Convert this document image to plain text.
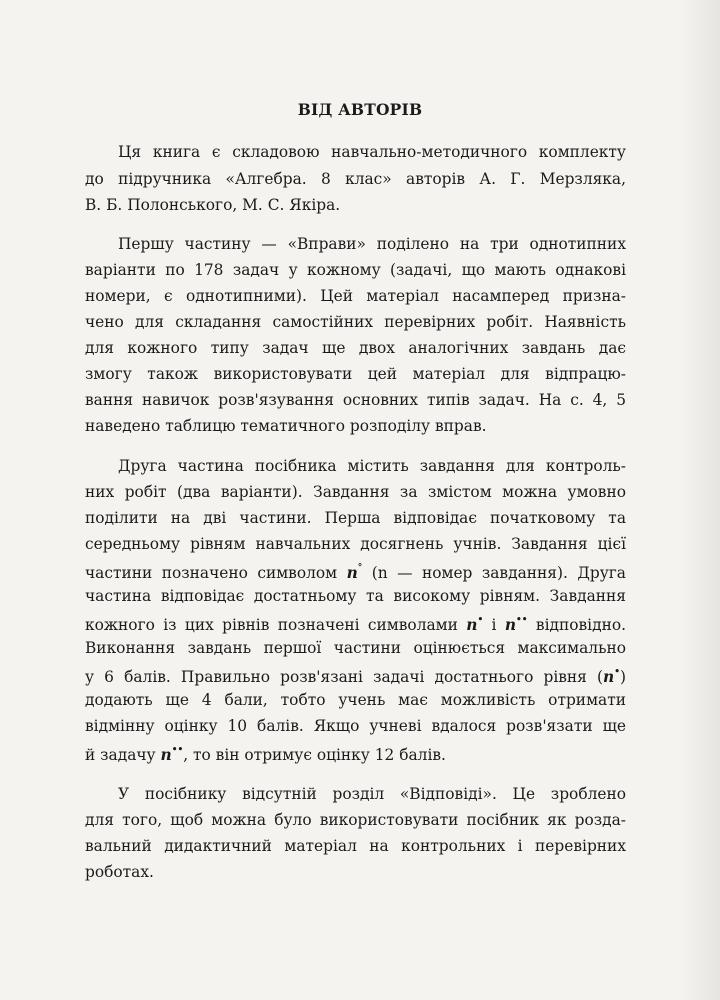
ВІД АВТОРІВ
Ця книга є складовою навчально-методичного комплекту
до підручника «Алгебра. 8 клас» авторів А. Г. Мерзляка,
В. Б. Полонського, М. С. Якіра.
Першу частину — «Вправи» поділено на три однотипних
варіанти по 178 задач у кожному (задачі, що мають однакові
номери, є однотипними). Цей матеріал насамперед призна-
чено для складання самостійних перевірних робіт. Наявність
для кожного типу задач ще двох аналогічних завдань дає
змогу також використовувати цей матеріал для відпрацю-
вання навичок розв'язування основних типів задач. На с. 4, 5
наведено таблицю тематичного розподілу вправ.
Друга частина посібника містить завдання для контроль-
них робіт (два варіанти). Завдання за змістом можна умовно
поділити на дві частини. Перша відповідає початковому та
середньому рівням навчальних досягнень учнів. Завдання цієї
частини позначено символом n° (n — номер завдання). Друга
частина відповідає достатньому та високому рівням. Завдання
кожного із цих рівнів позначені символами n• і n•• відповідно.
Виконання завдань першої частини оцінюється максимально
у 6 балів. Правильно розв'язані задачі достатнього рівня (n•)
додають ще 4 бали, тобто учень має можливість отримати
відмінну оцінку 10 балів. Якщо учневі вдалося розв'язати ще
й задачу n••, то він отримує оцінку 12 балів.
У посібнику відсутній розділ «Відповіді». Це зроблено
для того, щоб можна було використовувати посібник як розда-
вальний дидактичний матеріал на контрольних і перевірних
роботах.
